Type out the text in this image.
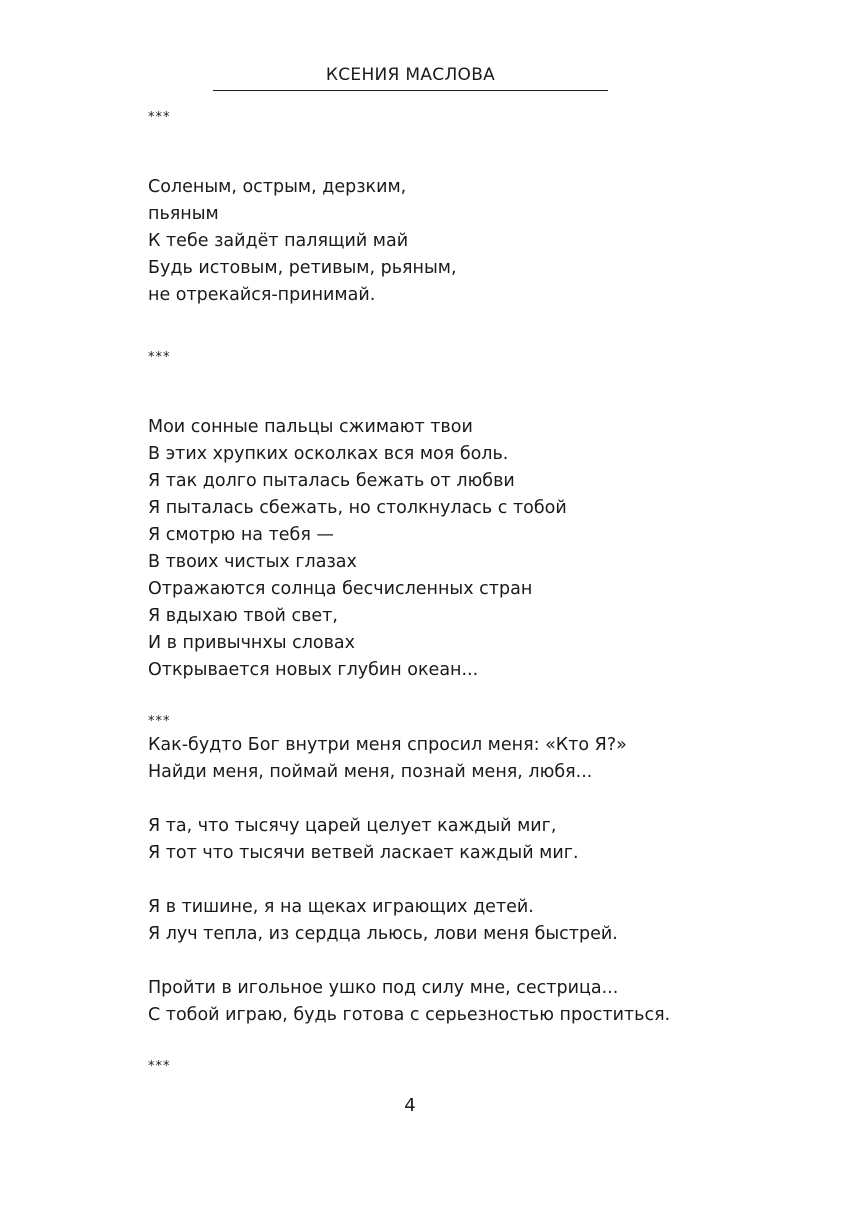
КСЕНИЯ МАСЛОВА
***
Соленым, острым, дерзким,
пьяным
К тебе зайдёт палящий май
Будь истовым, ретивым, рьяным,
не отрекайся-принимай.
***
Мои сонные пальцы сжимают твои
В этих хрупких осколках вся моя боль.
Я так долго пыталась бежать от любви
Я пыталась сбежать, но столкнулась с тобой
Я смотрю на тебя —
В твоих чистых глазах
Отражаются солнца бесчисленных стран
Я вдыхаю твой свет,
И в привычнхы словах
Открывается новых глубин океан...
***
Как-будто Бог внутри меня спросил меня: «Кто Я?»
Найди меня, поймай меня, познай меня, любя...
Я та, что тысячу царей целует каждый миг,
Я тот что тысячи ветвей ласкает каждый миг.
Я в тишине, я на щеках играющих детей.
Я луч тепла, из сердца льюсь, лови меня быстрей.
Пройти в игольное ушко под силу мне, сестрица...
С тобой играю, будь готова с серьезностью проститься.
***
4
